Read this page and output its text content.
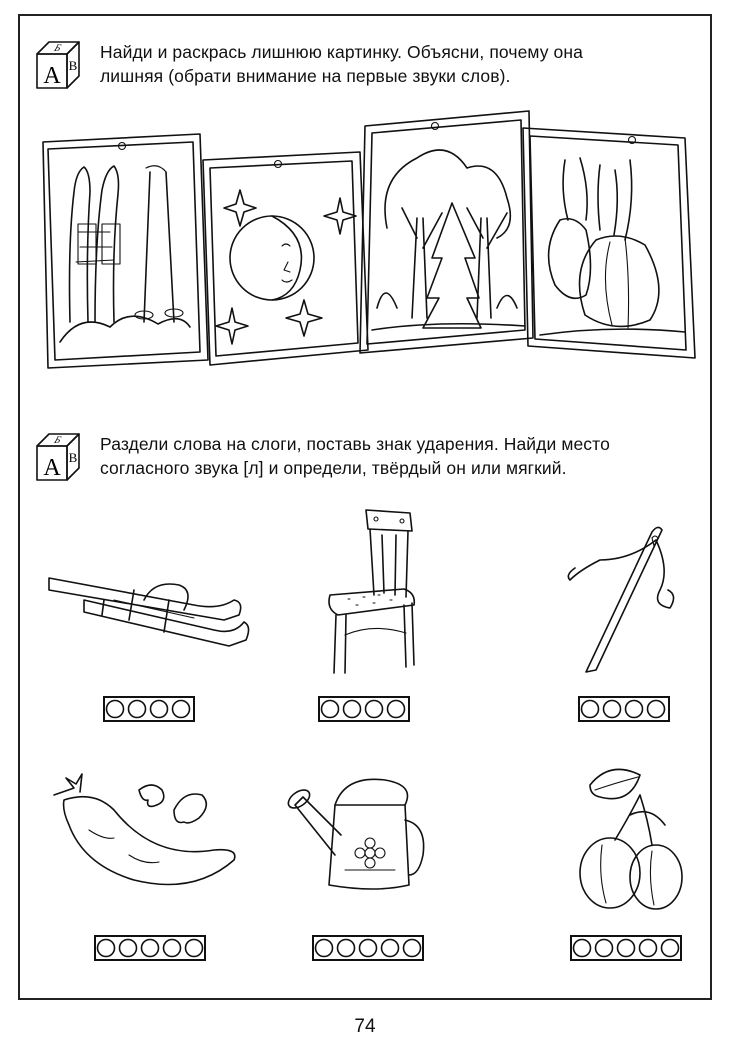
Б
А В
Найди и раскрась лишнюю картинку. Объясни, почему она
лишняя (обрати внимание на первые звуки слов).
Б
А В
Раздели слова на слоги, поставь знак ударения. Найди место
согласного звука [л] и определи, твёрдый он или мягкий.
74
